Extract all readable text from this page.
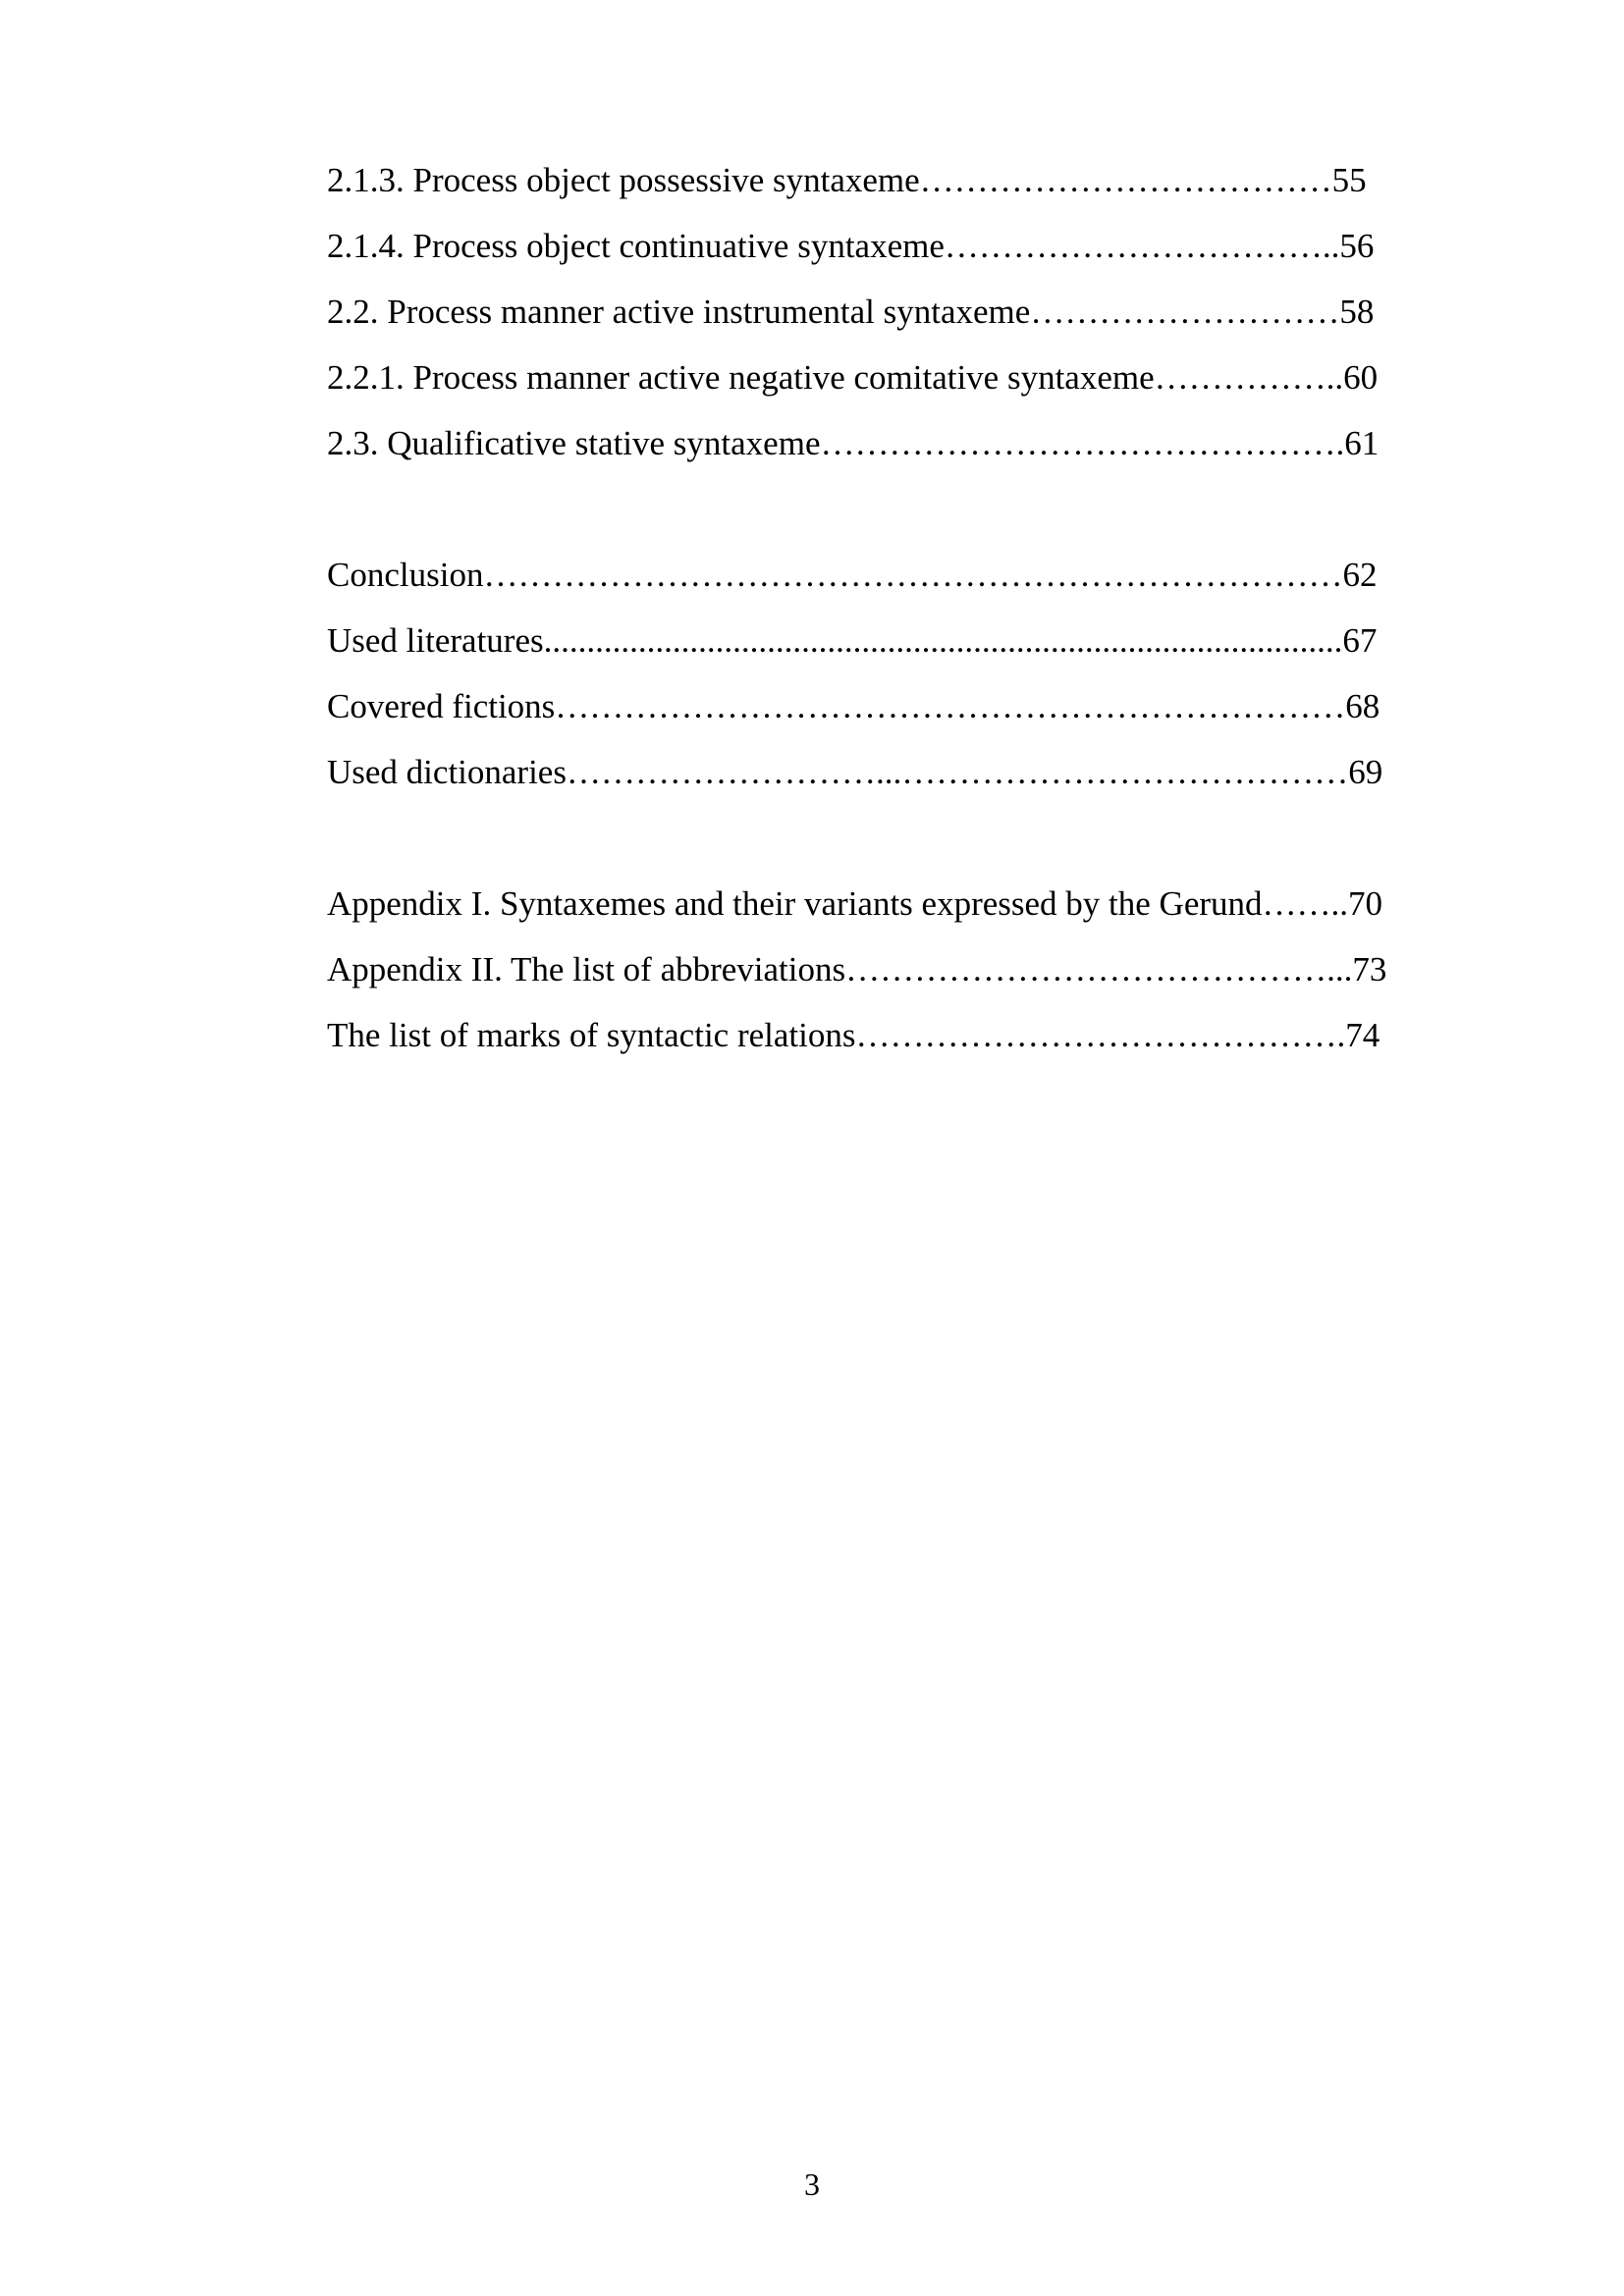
2.1.3. Process object possessive syntaxeme………………………………55
2.1.4. Process object continuative syntaxeme……………………………..56
2.2. Process manner active instrumental syntaxeme………………………58
2.2.1. Process manner active negative comitative syntaxeme……………..60
2.3. Qualificative stative syntaxeme……………………………………….61
Conclusion…………………………………………………………………62
Used literatures.............................................................................................67
Covered fictions……………………………………………………………68
Used dictionaries………………………...…………………………………69
Appendix I. Syntaxemes and their variants expressed by the Gerund……..70
Appendix II. The list of abbreviations……………………………………...73
The list of marks of syntactic relations…………………………………….74
3
